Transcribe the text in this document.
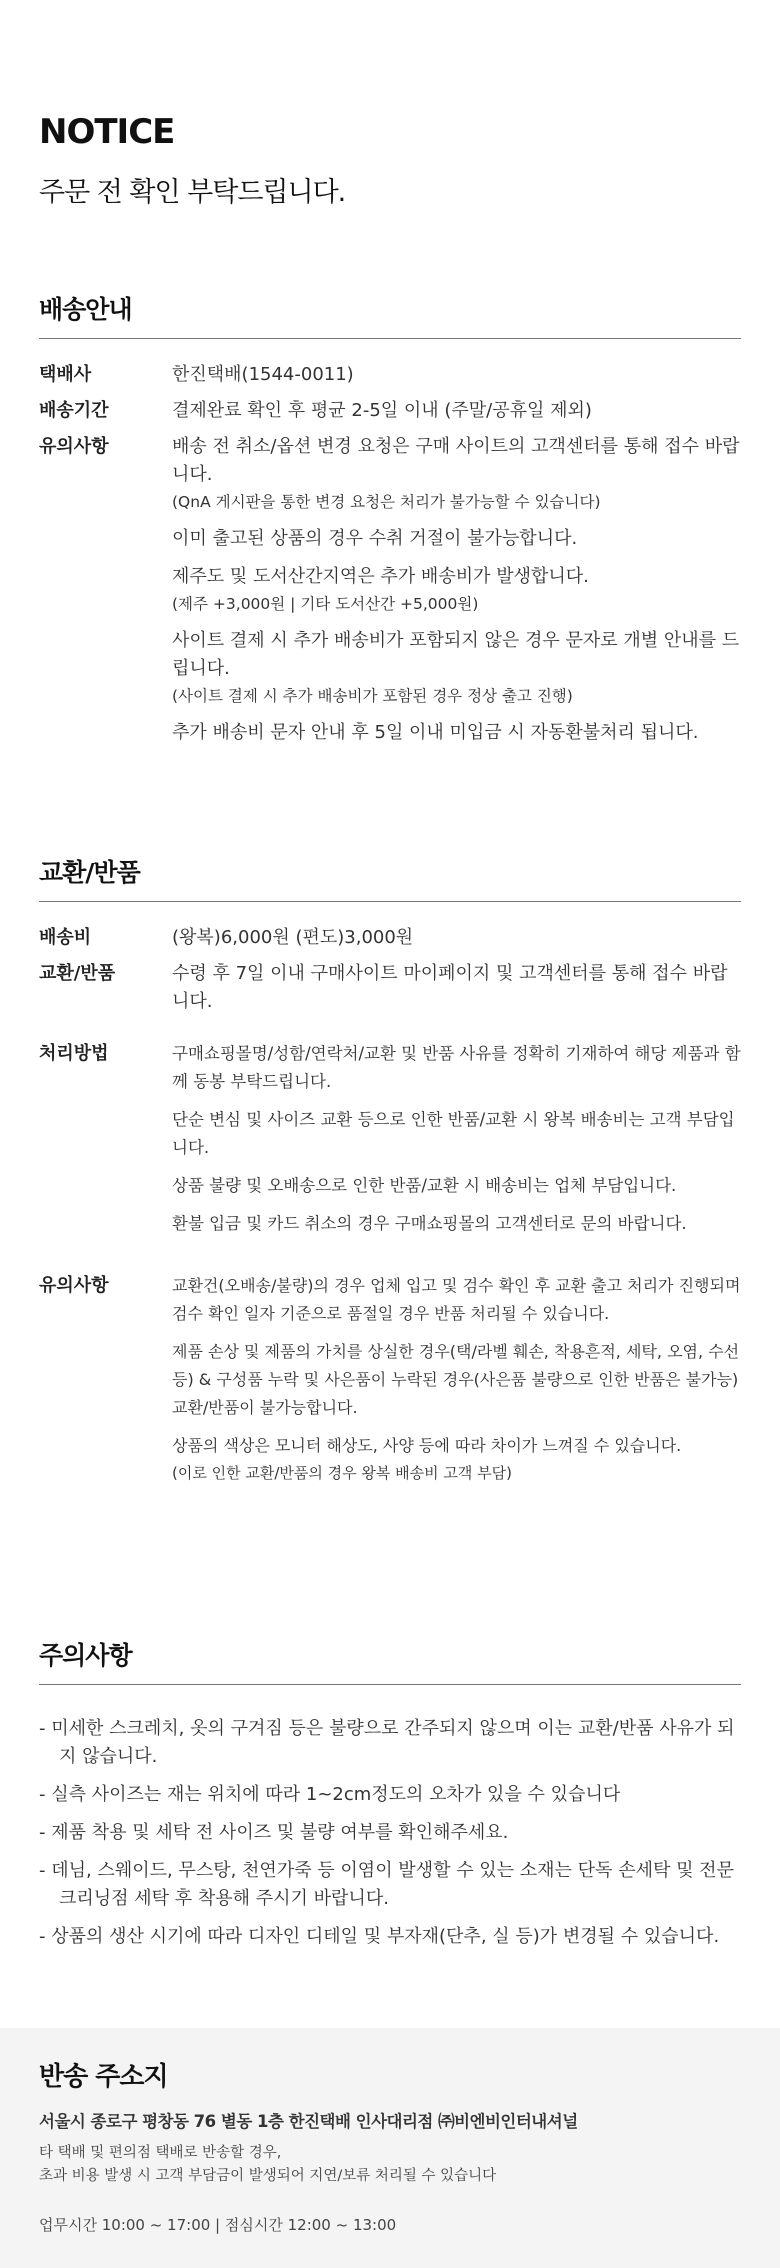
NOTICE
주문 전 확인 부탁드립니다.
배송안내
택배사	한진택배(1544-0011)

배송기간	결제완료 확인 후 평균 2-5일 이내 (주말/공휴일 제외)

유의사항	배송 전 취소/옵션 변경 요청은 구매 사이트의 고객센터를 통해 접수 바랍니다.
(QnA 게시판을 통한 변경 요청은 처리가 불가능할 수 있습니다)

이미 출고된 상품의 경우 수취 거절이 불가능합니다.

제주도 및 도서산간지역은 추가 배송비가 발생합니다.
(제주 +3,000원 | 기타 도서산간 +5,000원)

사이트 결제 시 추가 배송비가 포함되지 않은 경우 문자로 개별 안내를 드립니다.
(사이트 결제 시 추가 배송비가 포함된 경우 정상 출고 진행)

추가 배송비 문자 안내 후 5일 이내 미입금 시 자동환불처리 됩니다.

교환/반품
배송비	(왕복)6,000원 (편도)3,000원

교환/반품	수령 후 7일 이내 구매사이트 마이페이지 및 고객센터를 통해 접수 바랍니다.

처리방법	구매쇼핑몰명/성함/연락처/교환 및 반품 사유를 정확히 기재하여 해당 제품과 함께 동봉 부탁드립니다.

단순 변심 및 사이즈 교환 등으로 인한 반품/교환 시 왕복 배송비는 고객 부담입니다.

상품 불량 및 오배송으로 인한 반품/교환 시 배송비는 업체 부담입니다.

환불 입금 및 카드 취소의 경우 구매쇼핑몰의 고객센터로 문의 바랍니다.

유의사항	교환건(오배송/불량)의 경우 업체 입고 및 검수 확인 후 교환 출고 처리가 진행되며 검수 확인 일자 기준으로 품절일 경우 반품 처리될 수 있습니다.

제품 손상 및 제품의 가치를 상실한 경우(택/라벨 훼손, 착용흔적, 세탁, 오염, 수선 등) & 구성품 누락 및 사은품이 누락된 경우(사은품 불량으로 인한 반품은 불가능) 교환/반품이 불가능합니다.

상품의 색상은 모니터 해상도, 사양 등에 따라 차이가 느껴질 수 있습니다.
(이로 인한 교환/반품의 경우 왕복 배송비 고객 부담)

주의사항

- 미세한 스크레치, 옷의 구겨짐 등은 불량으로 간주되지 않으며 이는 교환/반품 사유가 되지 않습니다.

- 실측 사이즈는 재는 위치에 따라 1~2cm정도의 오차가 있을 수 있습니다

- 제품 착용 및 세탁 전 사이즈 및 불량 여부를 확인해주세요.

- 데님, 스웨이드, 무스탕, 천연가죽 등 이염이 발생할 수 있는 소재는 단독 손세탁 및 전문 크리닝점 세탁 후 착용해 주시기 바랍니다.

- 상품의 생산 시기에 따라 디자인 디테일 및 부자재(단추, 실 등)가 변경될 수 있습니다.

반송 주소지
서울시 종로구 평창동 76 별동 1층 한진택배 인사대리점 ㈜비엔비인터내셔널
타 택배 및 편의점 택배로 반송할 경우,
초과 비용 발생 시 고객 부담금이 발생되어 지연/보류 처리될 수 있습니다
업무시간 10:00 ~ 17:00 | 점심시간 12:00 ~ 13:00
